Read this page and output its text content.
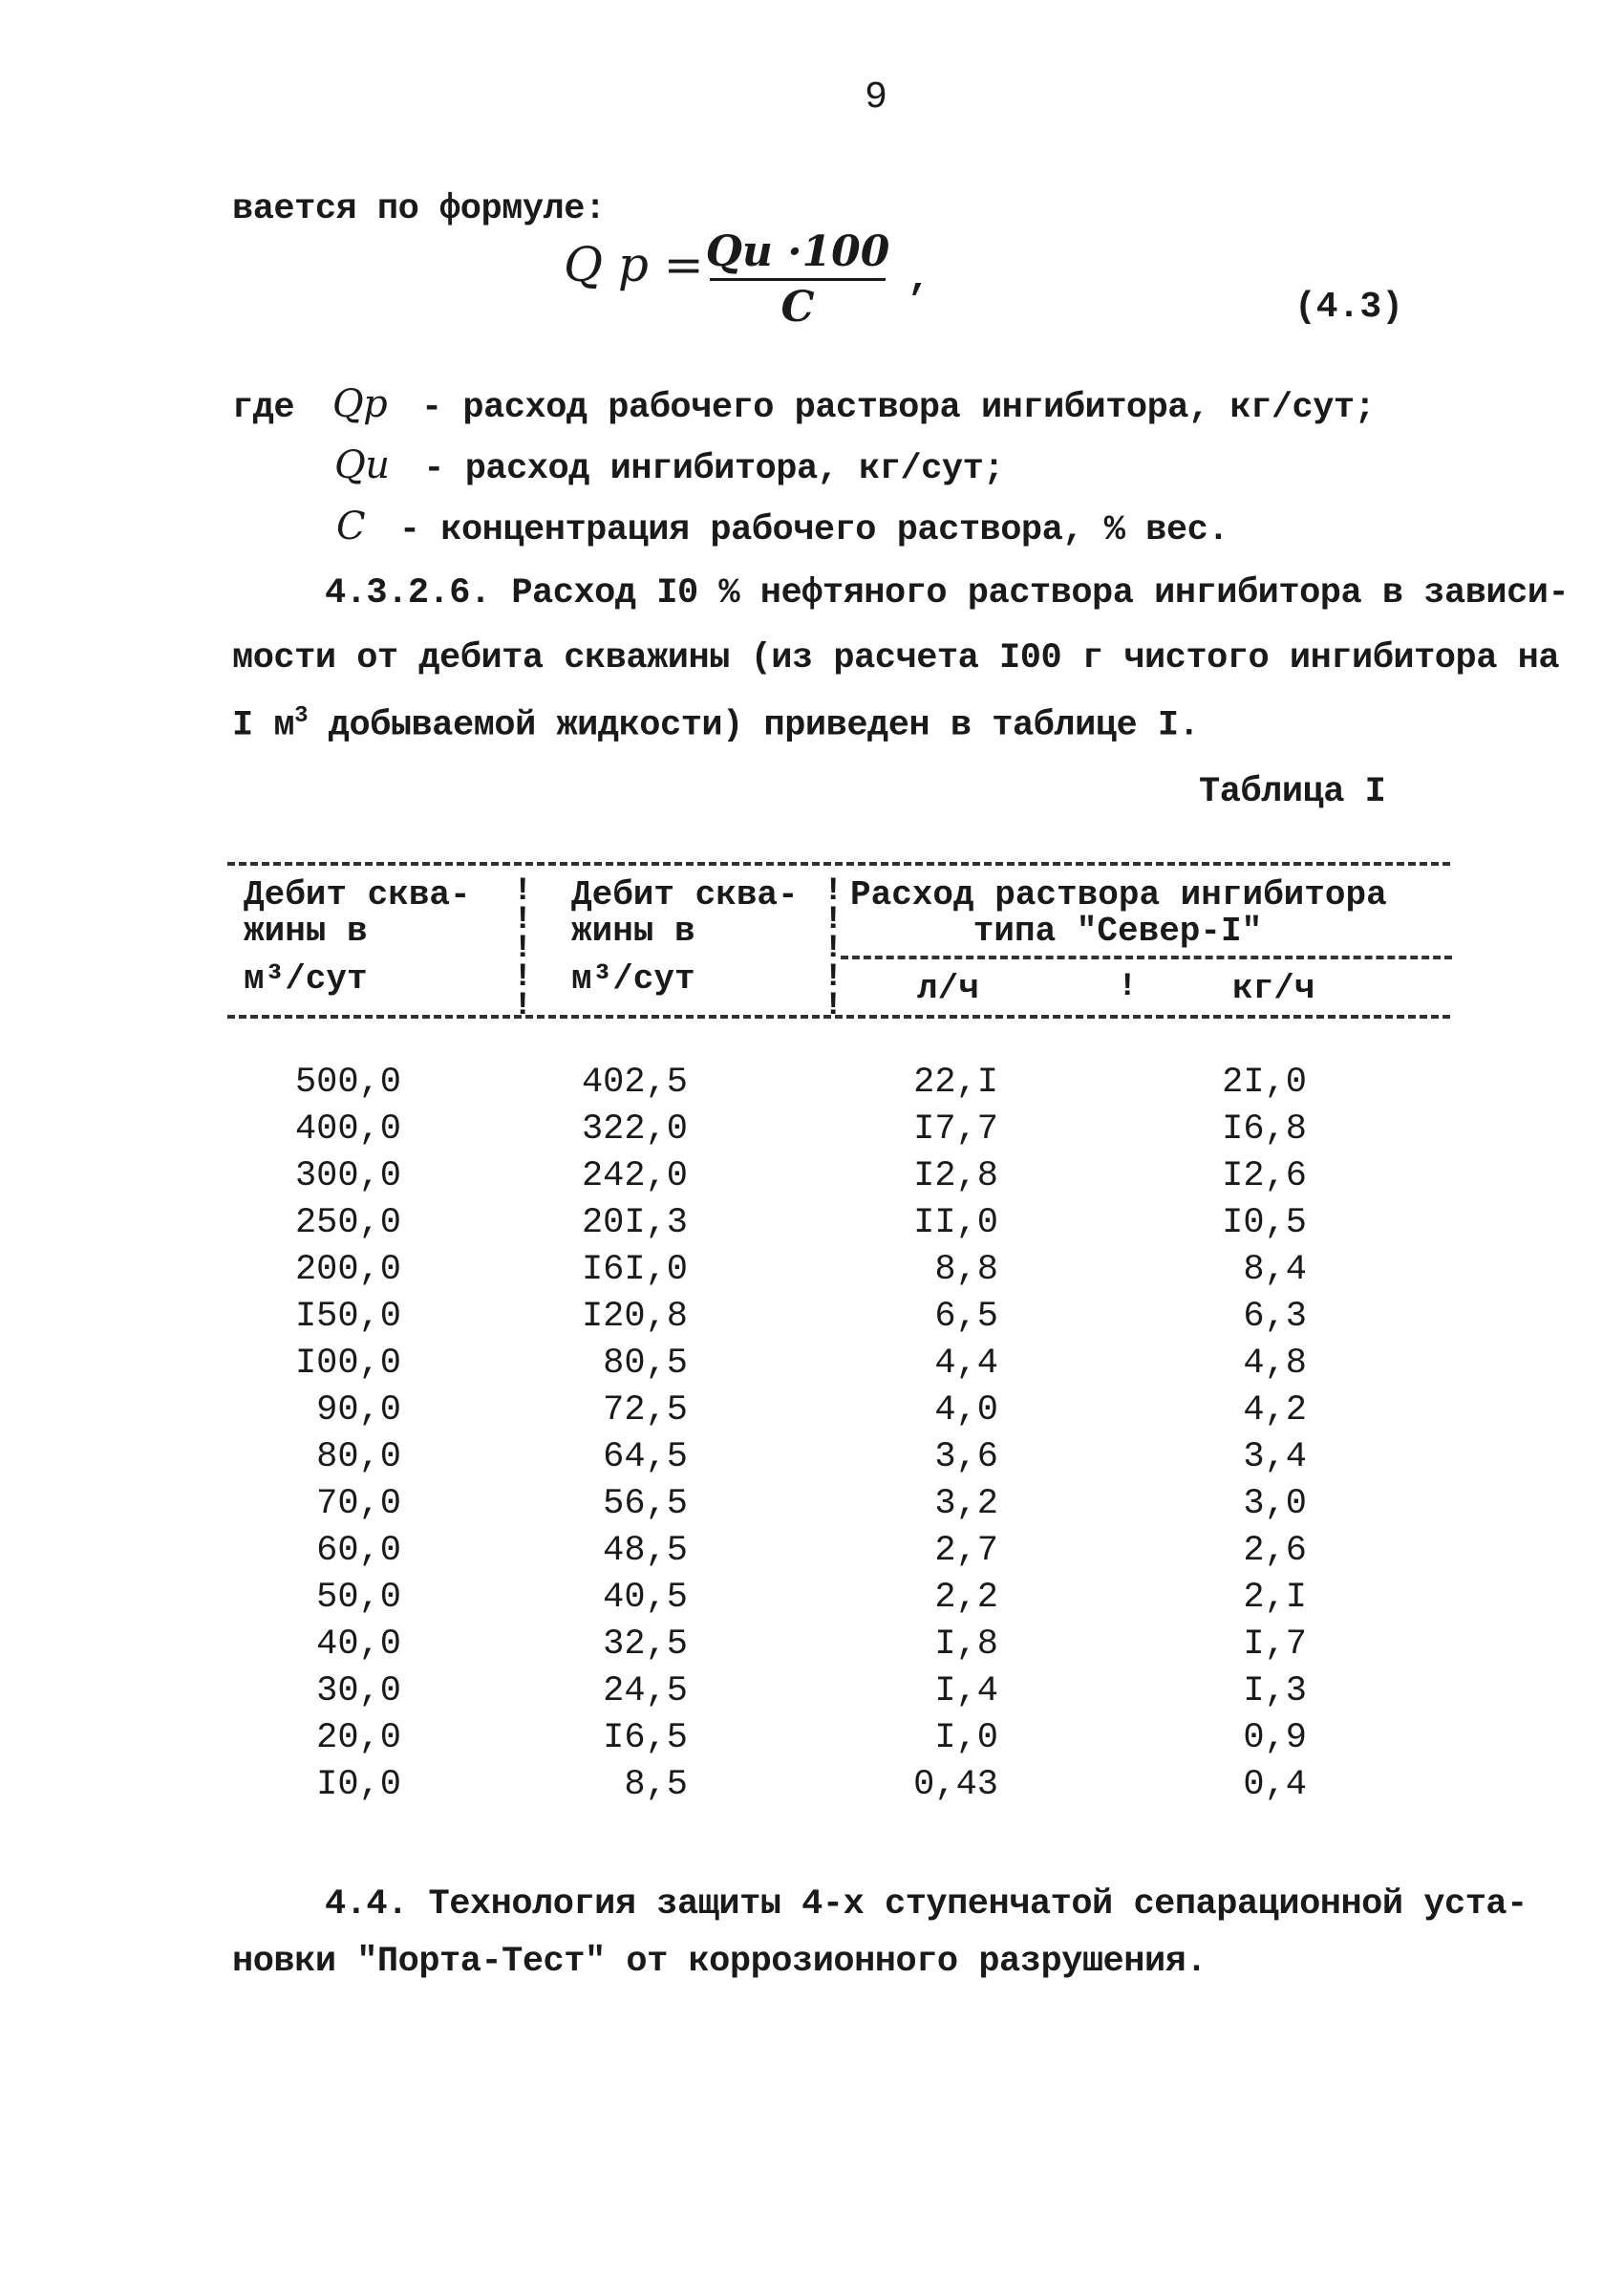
9
вается по формуле:
Q р = Qи ·100
C
,
(4.3)
где Qр - расход рабочего раствора ингибитора, кг/сут;
Qи - расход ингибитора, кг/сут;
C - концентрация рабочего раствора, % вес.
4.3.2.6. Расход I0 % нефтяного раствора ингибитора в зависи-
мости от дебита скважины (из расчета I00 г чистого ингибитора на
I $м^3$ добываемой жидкости) приведен в таблице I.
Таблица I
Дебит сква-
жины в
м³/сут
!
!
!
!
!
Дебит сква-
жины в
м³/сут
!
!
!
!
!
Расход раствора ингибитора
типа "Север-I"
л/ч	!	кг/ч
500,0	402,5	22,I	2I,0
400,0	322,0	I7,7	I6,8
300,0	242,0	I2,8	I2,6
250,0	20I,3	II,0	I0,5
200,0	I6I,0	8,8	8,4
I50,0	I20,8	6,5	6,3
I00,0	80,5	4,4	4,8
90,0	72,5	4,0	4,2
80,0	64,5	3,6	3,4
70,0	56,5	3,2	3,0
60,0	48,5	2,7	2,6
50,0	40,5	2,2	2,I
40,0	32,5	I,8	I,7
30,0	24,5	I,4	I,3
20,0	I6,5	I,0	0,9
I0,0	8,5	0,43	0,4
4.4. Технология защиты 4-х ступенчатой сепарационной уста-
новки "Порта-Тест" от коррозионного разрушения.
